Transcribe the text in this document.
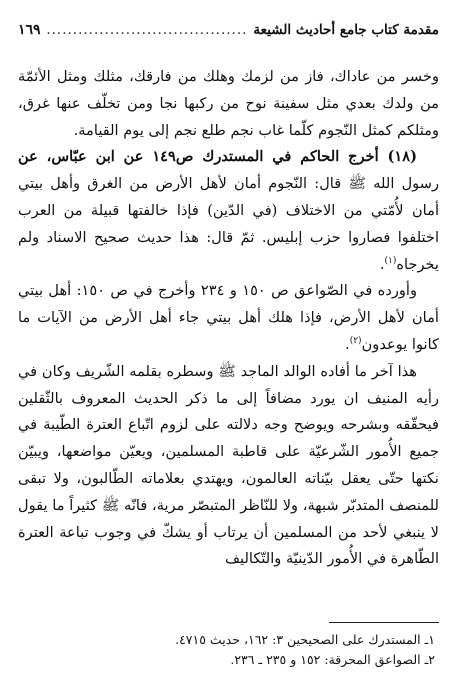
مقدمة كتاب جامع أحاديث الشيعة
......................................
١٦٩

وخسر من عاداك، فاز من لزمك وهلك من فارقك، مثلك ومثل الأئمّة من ولدك بعدي مثل سفينة نوح من ركبها نجا ومن تخلّف عنها غرق، ومثلكم كمثل النّجوم كلّما غاب نجم طلع نجم إلى يوم القيامة.

(١٨) أخرج الحاكم في المستدرك ص١٤٩ عن ابن عبّاس، عن رسول الله ﷺ قال: النّجوم أمان لأهل الأرض من الغرق وأهل بيتي أمان لأُمّتي من الاختلاف (في الدّين) فإذا خالفتها قبيلة من العرب اختلفوا فصاروا حزب إبليس. ثمّ قال: هذا حديث صحيح الاسناد ولم يخرجاه$^{(١)}$.

وأورده في الصّواعق ص ١٥٠ و ٢٣٤ وأخرج في ص ١٥٠: أهل بيتي أمان لأهل الأرض، فإذا هلك أهل بيتي جاء أهل الأرض من الآيات ما كانوا يوعدون$^{(٢)}$.

هذا آخر ما أفاده الوالد الماجد ﷺ وسطره بقلمه الشّريف وكان في رأيه المنيف ان يورد مضافاً إلى ما ذكر الحديث المعروف بالثّقلين فيحقّقه وبشرحه ويوضح وجه دلالته على لزوم اتّباع العترة الطّيبة في جميع الأُمور الشّرعيّة على قاطبة المسلمين، ويعيّن مواضعها، ويبيّن نكتها حتّى يعقل بيّناته العالمون، ويهتدي بعلاماته الطّالبون، ولا تبقى للمنصف المتدبّر شبهة، ولا للنّاظر المتبصّر مرية، فانّه ﷺ كثيراً ما يقول لا ينبغي لأحد من المسلمين أن يرتاب أو يشكّ في وجوب تباعة العترة الطّاهرة في الأُمور الدّينيّة والتّكاليف

١ـ المستدرك على الصحيحين ٣: ١٦٢، حديث ٤٧١٥.
٢ـ الصواعق المحرقة: ١٥٢ و ٢٣٥ ـ ٢٣٦.
